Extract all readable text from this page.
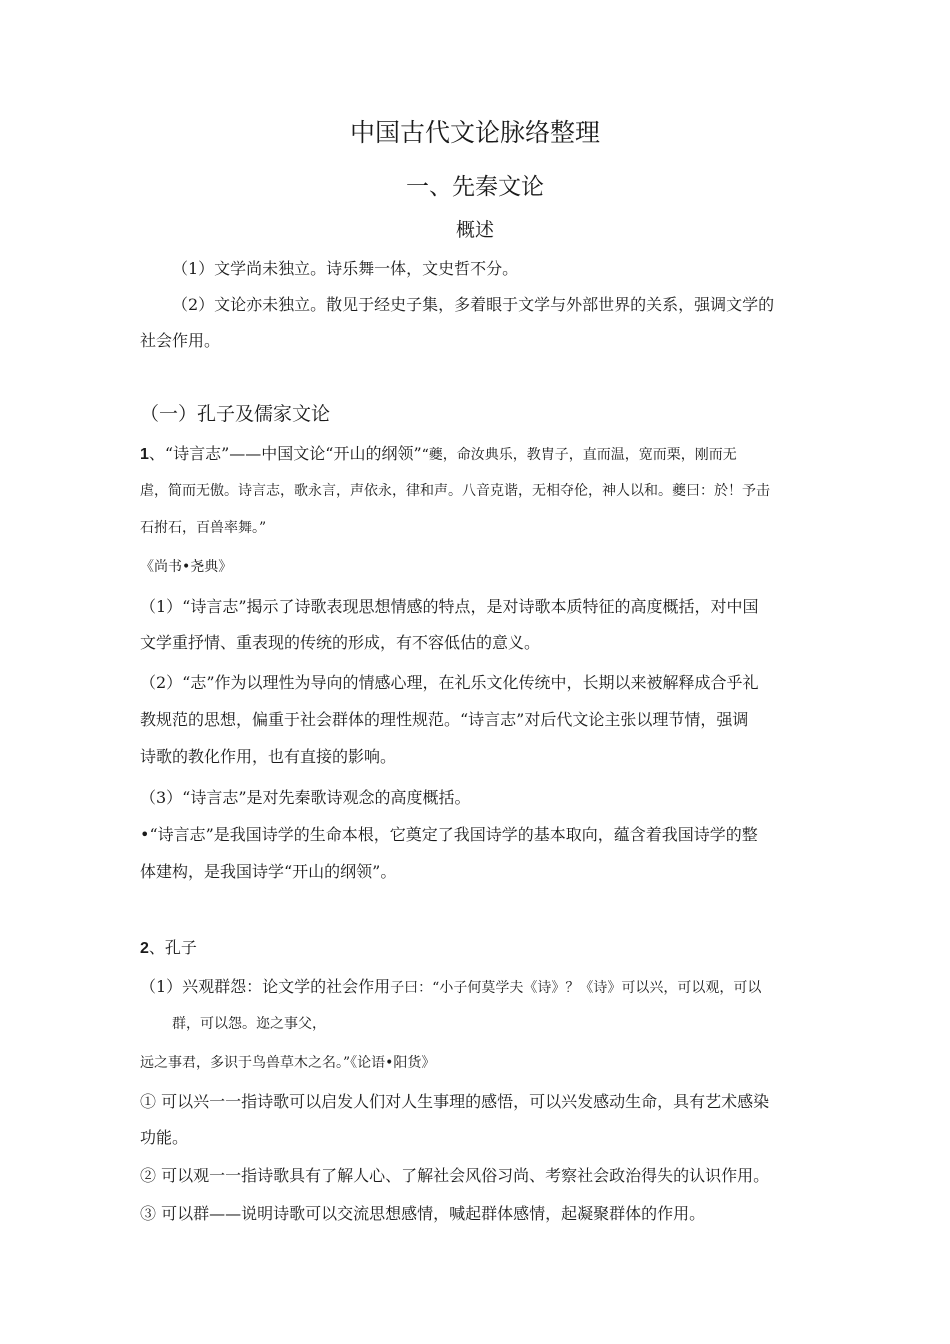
中国古代文论脉络整理
一、先秦文论
概述
（1）文学尚未独立。诗乐舞一体，文史哲不分。
（2）文论亦未独立。散见于经史子集，多着眼于文学与外部世界的关系，强调文学的
社会作用。
（一）孔子及儒家文论
1、“诗言志”——中国文论“开山的纲领”“夔，命汝典乐，教胄子，直而温，宽而栗，刚而无
虐，简而无傲。诗言志，歌永言，声依永，律和声。八音克谐，无相夺伦，神人以和。夔曰：於！予击
石拊石，百兽率舞。”
《尚书•尧典》
（1）“诗言志”揭示了诗歌表现思想情感的特点，是对诗歌本质特征的高度概括，对中国
文学重抒情、重表现的传统的形成，有不容低估的意义。
（2）“志”作为以理性为导向的情感心理，在礼乐文化传统中，长期以来被解释成合乎礼
教规范的思想，偏重于社会群体的理性规范。“诗言志”对后代文论主张以理节情，强调
诗歌的教化作用，也有直接的影响。
（3）“诗言志”是对先秦歌诗观念的高度概括。
•“诗言志”是我国诗学的生命本根，它奠定了我国诗学的基本取向，蕴含着我国诗学的整
体建构，是我国诗学“开山的纲领”。
2、孔子
（1）兴观群怨：论文学的社会作用子曰：“小子何莫学夫《诗》？《诗》可以兴，可以观，可以
群，可以怨。迩之事父，
远之事君，多识于鸟兽草木之名。”《论语•阳货》
① 可以兴一一指诗歌可以启发人们对人生事理的感悟，可以兴发感动生命，具有艺术感染
功能。
② 可以观一一指诗歌具有了解人心、了解社会风俗习尚、考察社会政治得失的认识作用。
③ 可以群——说明诗歌可以交流思想感情，喊起群体感情，起凝聚群体的作用。
